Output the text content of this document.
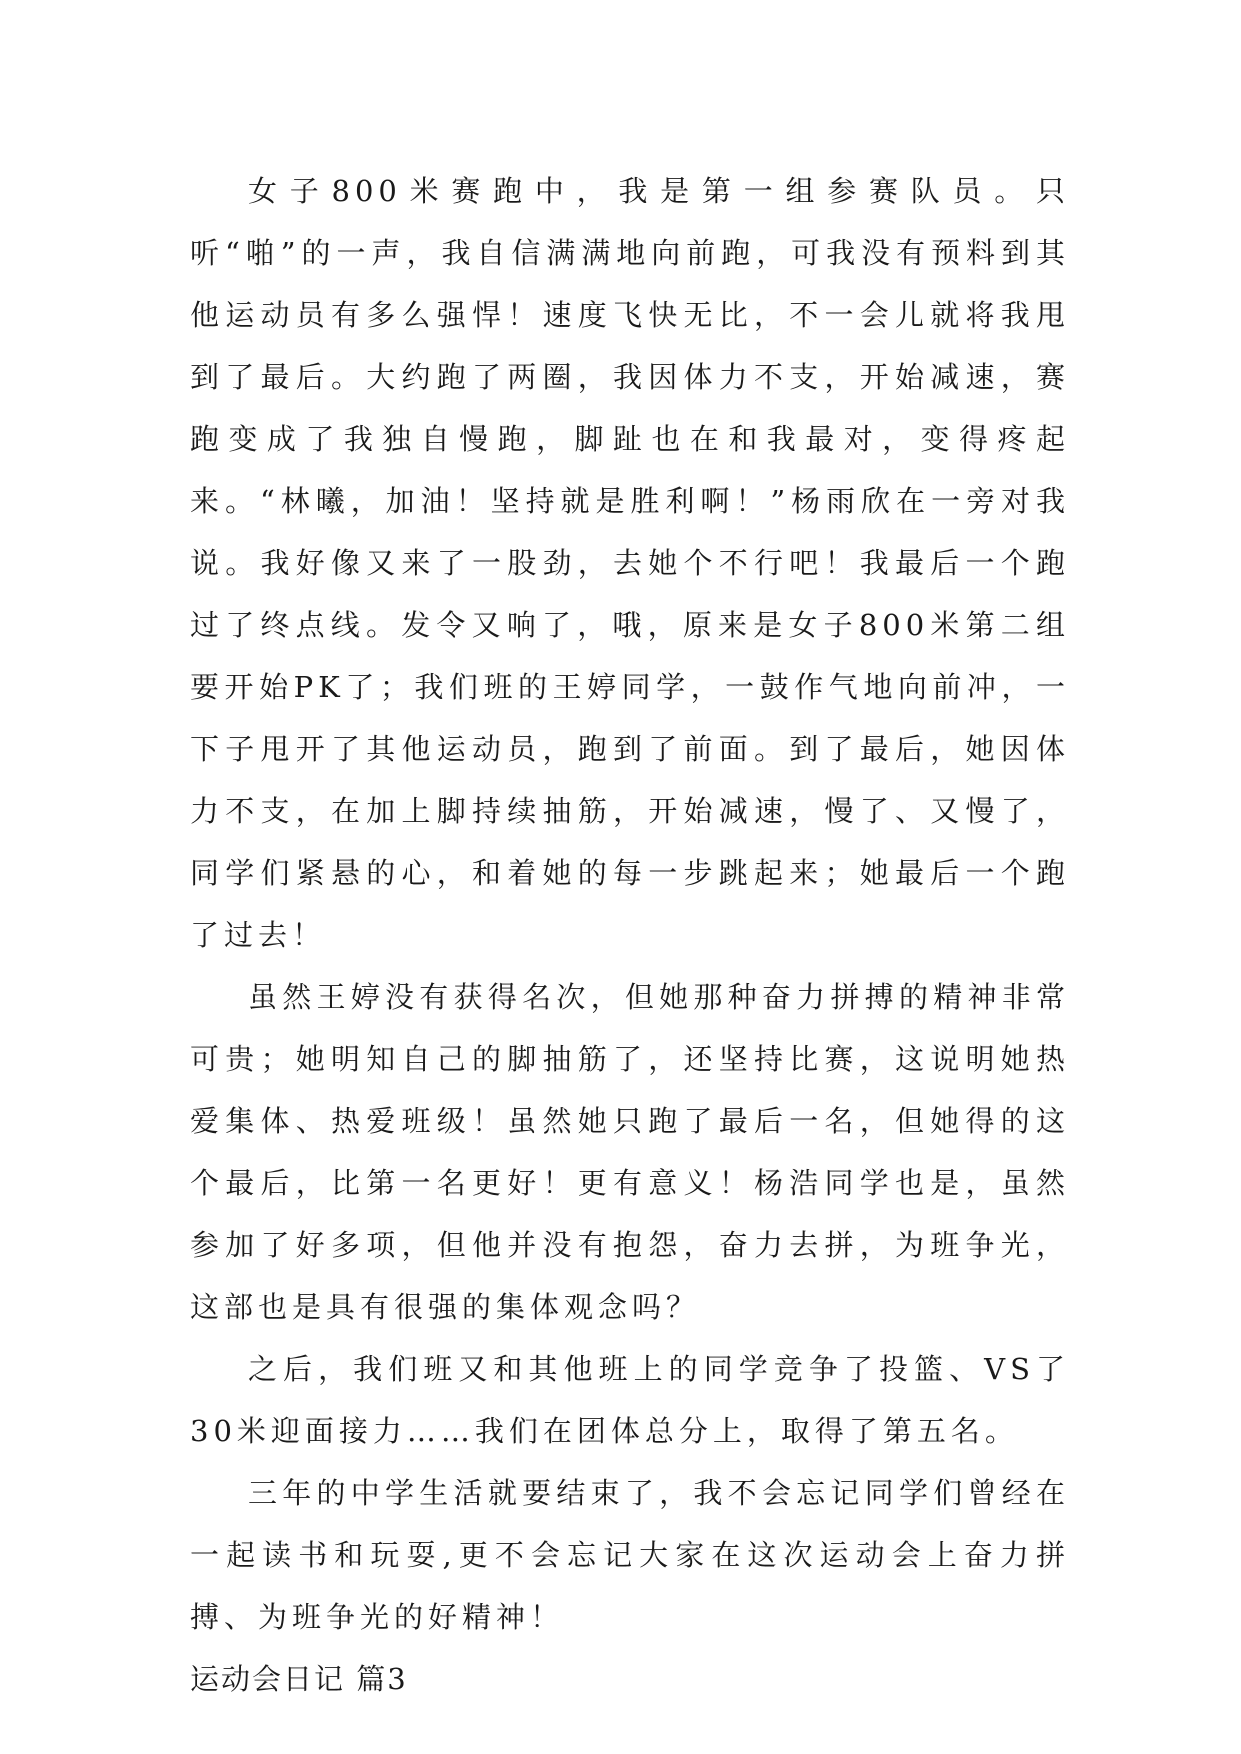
女子800米赛跑中，我是第一组参赛队员。只听“啪”的一声，我自信满满地向前跑，可我没有预料到其他运动员有多么强悍！速度飞快无比，不一会儿就将我甩到了最后。大约跑了两圈，我因体力不支，开始减速，赛跑变成了我独自慢跑，脚趾也在和我最对，变得疼起来。“林曦，加油！坚持就是胜利啊！”杨雨欣在一旁对我说。我好像又来了一股劲，去她个不行吧！我最后一个跑过了终点线。发令又响了，哦，原来是女子800米第二组要开始PK了；我们班的王婷同学，一鼓作气地向前冲，一下子甩开了其他运动员，跑到了前面。到了最后，她因体力不支，在加上脚持续抽筋，开始减速，慢了、又慢了，同学们紧悬的心，和着她的每一步跳起来；她最后一个跑了过去！

虽然王婷没有获得名次，但她那种奋力拼搏的精神非常可贵；她明知自己的脚抽筋了，还坚持比赛，这说明她热爱集体、热爱班级！虽然她只跑了最后一名，但她得的这个最后，比第一名更好！更有意义！杨浩同学也是，虽然参加了好多项，但他并没有抱怨，奋力去拼，为班争光，这部也是具有很强的集体观念吗？

之后，我们班又和其他班上的同学竞争了投篮、VS了30米迎面接力……我们在团体总分上，取得了第五名。

三年的中学生活就要结束了，我不会忘记同学们曾经在一起读书和玩耍,更不会忘记大家在这次运动会上奋力拼搏、为班争光的好精神！

运动会日记 篇3
